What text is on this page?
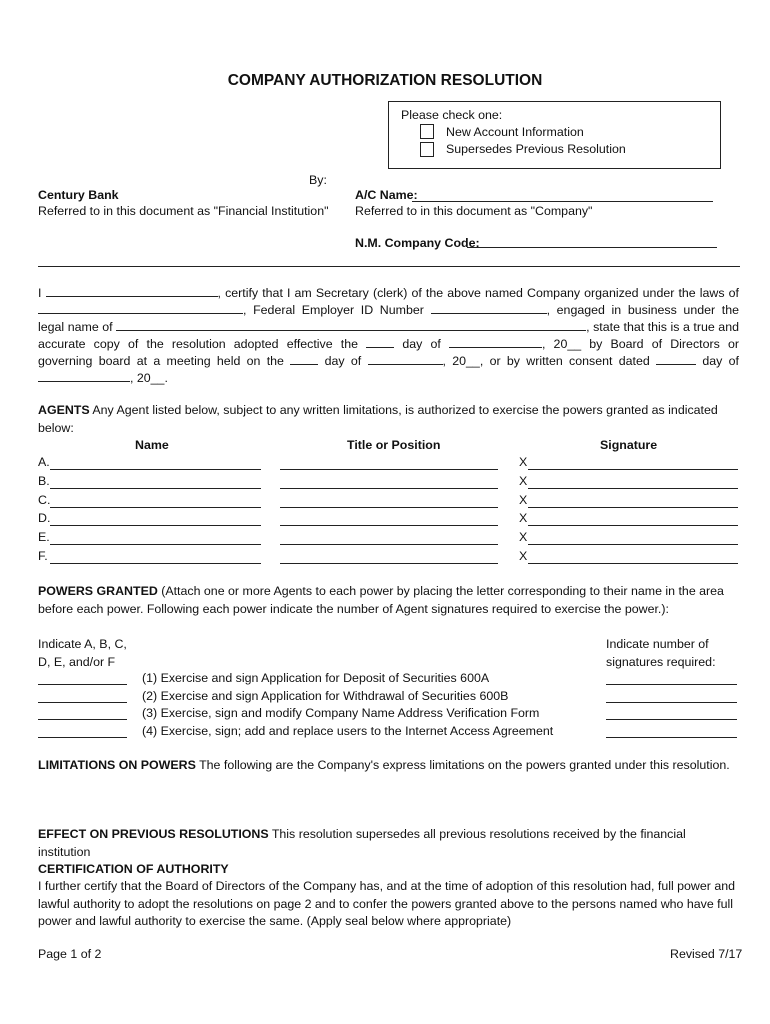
COMPANY AUTHORIZATION RESOLUTION
Please check one:
New Account Information
Supersedes Previous Resolution
By:
Century Bank
Referred to in this document as "Financial Institution"
A/C Name:
Referred to in this document as "Company"
N.M. Company Code:
I	, certify that I am Secretary (clerk) of the above named Company organized under the laws of
, Federal Employer ID Number	, engaged in business under the
legal name of	, state that this is a true and
accurate copy of the resolution adopted effective the	day of	, 20__ by Board of Directors or
governing board at a meeting held on the	day of	, 20__, or by written consent dated	day of
, 20__.
AGENTS Any Agent listed below, subject to any written limitations, is authorized to exercise the powers granted as indicated below:
Name	Title or Position	Signature
A.	X
B.	X
C.	X
D.	X
E.	X
F.	X
POWERS GRANTED (Attach one or more Agents to each power by placing the letter corresponding to their name in the area before each power. Following each power indicate the number of Agent signatures required to exercise the power.):
Indicate A, B, C,
D, E, and/or F
Indicate number of
signatures required:
(1) Exercise and sign Application for Deposit of Securities 600A
(2) Exercise and sign Application for Withdrawal of Securities 600B
(3) Exercise, sign and modify Company Name Address Verification Form
(4) Exercise, sign; add and replace users to the Internet Access Agreement
LIMITATIONS ON POWERS The following are the Company's express limitations on the powers granted under this resolution.
EFFECT ON PREVIOUS RESOLUTIONS This resolution supersedes all previous resolutions received by the financial institution
CERTIFICATION OF AUTHORITY
I further certify that the Board of Directors of the Company has, and at the time of adoption of this resolution had, full power and lawful authority to adopt the resolutions on page 2 and to confer the powers granted above to the persons named who have full power and lawful authority to exercise the same. (Apply seal below where appropriate)
Page 1 of 2	Revised 7/17
